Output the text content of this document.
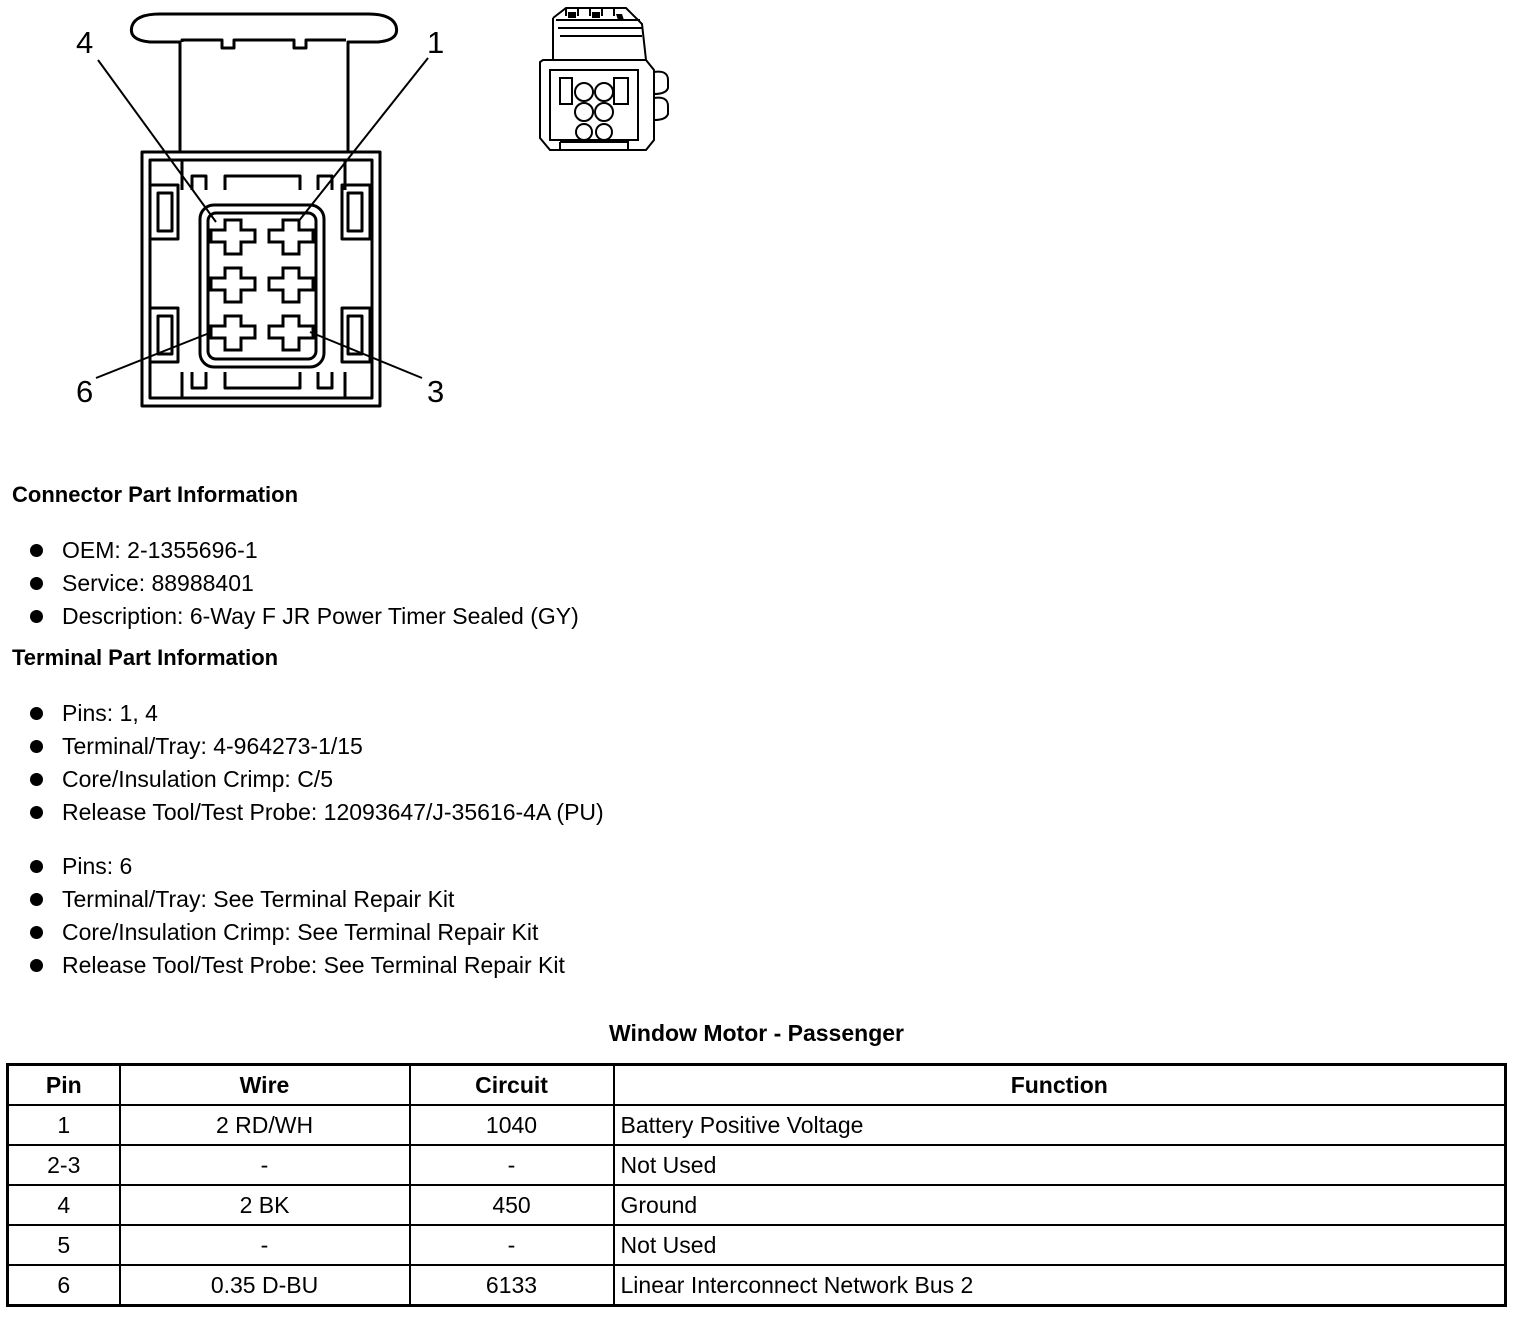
4	1
6	3
Connector Part Information
OEM: 2-1355696-1
Service: 88988401
Description: 6-Way F JR Power Timer Sealed (GY)
Terminal Part Information
Pins: 1, 4
Terminal/Tray: 4-964273-1/15
Core/Insulation Crimp: C/5
Release Tool/Test Probe: 12093647/J-35616-4A (PU)
Pins: 6
Terminal/Tray: See Terminal Repair Kit
Core/Insulation Crimp: See Terminal Repair Kit
Release Tool/Test Probe: See Terminal Repair Kit
Window Motor - Passenger
Pin	Wire	Circuit	Function
1	2 RD/WH	1040	Battery Positive Voltage
2-3	-	-	Not Used
4	2 BK	450	Ground
5	-	-	Not Used
6	0.35 D-BU	6133	Linear Interconnect Network Bus 2
